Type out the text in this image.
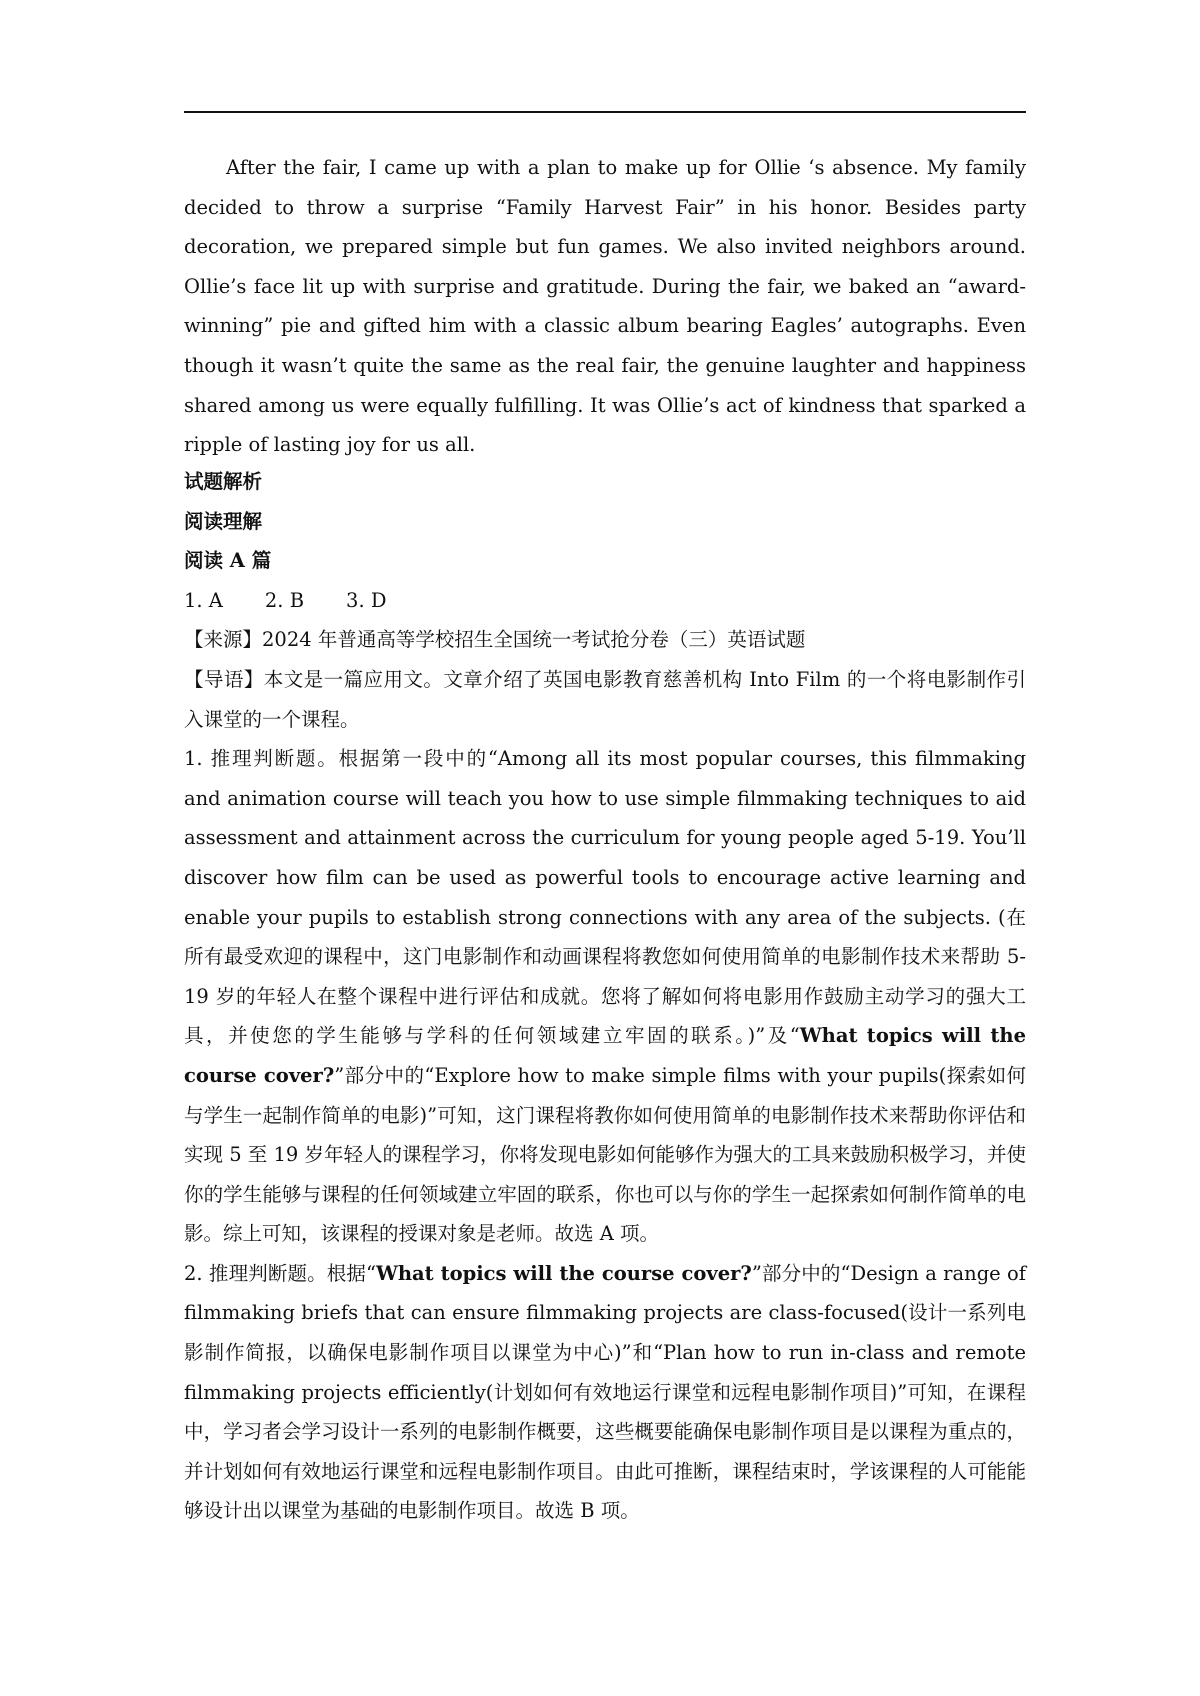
After the fair, I came up with a plan to make up for Ollie ‘s absence. My family decided to throw a surprise “Family Harvest Fair” in his honor. Besides party decoration, we prepared simple but fun games. We also invited neighbors around. Ollie’s face lit up with surprise and gratitude. During the fair, we baked an “award-winning” pie and gifted him with a classic album bearing Eagles’ autographs. Even though it wasn’t quite the same as the real fair, the genuine laughter and happiness shared among us were equally fulfilling. It was Ollie’s act of kindness that sparked a ripple of lasting joy for us all.

试题解析

阅读理解

阅读 A 篇

1. A 2. B 3. D

【来源】2024 年普通高等学校招生全国统一考试抢分卷（三）英语试题

【导语】本文是一篇应用文。文章介绍了英国电影教育慈善机构 Into Film 的一个将电影制作引入课堂的一个课程。

1. 推理判断题。根据第一段中的“Among all its most popular courses, this filmmaking and animation course will teach you how to use simple filmmaking techniques to aid assessment and attainment across the curriculum for young people aged 5-19. You’ll discover how film can be used as powerful tools to encourage active learning and enable your pupils to establish strong connections with any area of the subjects. (在所有最受欢迎的课程中，这门电影制作和动画课程将教您如何使用简单的电影制作技术来帮助 5-19 岁的年轻人在整个课程中进行评估和成就。您将了解如何将电影用作鼓励主动学习的强大工具，并使您的学生能够与学科的任何领域建立牢固的联系。)”及“What topics will the course cover?”部分中的“Explore how to make simple films with your pupils(探索如何与学生一起制作简单的电影)”可知，这门课程将教你如何使用简单的电影制作技术来帮助你评估和实现 5 至 19 岁年轻人的课程学习，你将发现电影如何能够作为强大的工具来鼓励积极学习，并使你的学生能够与课程的任何领域建立牢固的联系，你也可以与你的学生一起探索如何制作简单的电影。综上可知，该课程的授课对象是老师。故选 A 项。

2. 推理判断题。根据“What topics will the course cover?”部分中的“Design a range of filmmaking briefs that can ensure filmmaking projects are class-focused(设计一系列电影制作简报，以确保电影制作项目以课堂为中心)”和“Plan how to run in-class and remote filmmaking projects efficiently(计划如何有效地运行课堂和远程电影制作项目)”可知，在课程中，学习者会学习设计一系列的电影制作概要，这些概要能确保电影制作项目是以课程为重点的，并计划如何有效地运行课堂和远程电影制作项目。由此可推断，课程结束时，学该课程的人可能能够设计出以课堂为基础的电影制作项目。故选 B 项。
